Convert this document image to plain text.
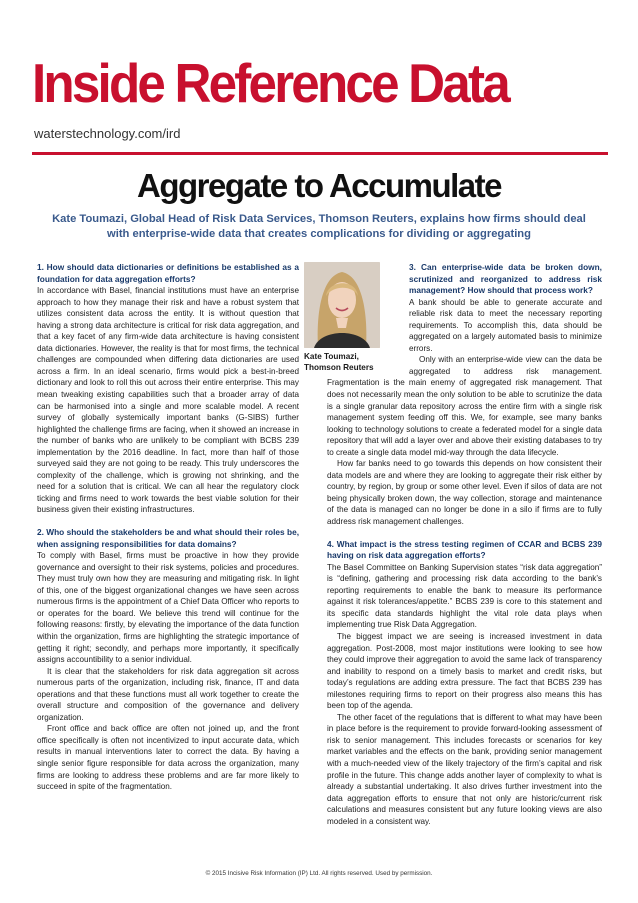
Inside Reference Data
waterstechnology.com/ird
Aggregate to Accumulate
Kate Toumazi, Global Head of Risk Data Services, Thomson Reuters, explains how firms should deal with enterprise-wide data that creates complications for dividing or aggregating
1. How should data dictionaries or definitions be established as a foundation for data aggregation efforts?

In accordance with Basel, financial institutions must have an enterprise approach to how they manage their risk and have a robust system that utilizes consistent data across the entity. It is without question that having a strong data architecture is critical for risk data aggregation, and that a key facet of any firm-wide data architecture is having consistent data dictionaries. However, the reality is that for most firms, the technical challenges are compounded when differing data dictionaries are used across a firm. In an ideal scenario, firms would pick a best-in-breed dictionary and look to roll this out across their entire enterprise. This may mean tweaking existing capabilities such that a broader array of data can be harmonised into a single and more scalable model. A recent survey of globally systemically important banks (G-SIBS) further highlighted the challenge firms are facing, when it showed an increase in the number of banks who are unlikely to be compliant with BCBS 239 implementation by the 2016 deadline. In fact, more than half of those surveyed said they are not going to be ready. This truly underscores the complexity of the challenge, which is growing not shrinking, and the need for a solution that is critical. We can all hear the regulatory clock ticking and firms need to work towards the best viable solution for their business given their existing infrastructures.

2. Who should the stakeholders be and what should their roles be, when assigning responsibilities for data domains?

To comply with Basel, firms must be proactive in how they provide governance and oversight to their risk systems, policies and procedures. They must truly own how they are measuring and mitigating risk. In light of this, one of the biggest organizational changes we have seen across numerous firms is the appointment of a Chief Data Officer who reports to or operates for the board. We believe this trend will continue for the following reasons: firstly, by elevating the importance of the data function within the organization, firms are highlighting the strategic importance of getting it right; secondly, and perhaps more importantly, it specifically assigns accountibility to a senior individual.

It is clear that the stakeholders for risk data aggregation sit across numerous parts of the organization, including risk, finance, IT and data operations and that these functions must all work together to create the overall structure and composition of the governance and delivery organization.

Front office and back office are often not joined up, and the front office specifically is often not incentivized to input accurate data, which results in manual interventions later to correct the data. By having a single senior figure responsible for data across the organization, many firms are looking to address these problems and are far more likely to succeed in spite of the fragmentation.

3. Can enterprise-wide data be broken down, scrutinized and reorganized to address risk management? How should that process work?

A bank should be able to generate accurate and reliable risk data to meet the necessary reporting requirements. To accomplish this, data should be aggregated on a largely automated basis to minimize errors.

Only with an enterprise-wide view can the data be aggregated to address risk management. Fragmentation is the main enemy of aggregated risk management. That does not necessarily mean the only solution to be able to scrutinize the data is a single granular data repository across the entire firm with a single risk management system feeding off this. We, for example, see many banks looking to technology solutions to create a federated model for a single data repository that will add a layer over and above their existing databases to try to create a single data model mid-way through the data lifecycle.

How far banks need to go towards this depends on how consistent their data models are and where they are looking to aggregate their risk either by country, by region, by group or some other level. Even if silos of data are not being physically broken down, the way collection, storage and maintenance of the data is managed can no longer be done in a silo if firms are to fully address risk management challenges.

4. What impact is the stress testing regimen of CCAR and BCBS 239 having on risk data aggregation efforts?

The Basel Committee on Banking Supervision states “risk data aggregation” is “defining, gathering and processing risk data according to the bank’s reporting requirements to enable the bank to measure its performance against it risk tolerances/appetite.” BCBS 239 is core to this statement and its specific data standards highlight the vital role data plays when implementing true Risk Data Aggregation.

The biggest impact we are seeing is increased investment in data aggregation. Post-2008, most major institutions were looking to see how they could improve their aggregation to avoid the same lack of transparency and inability to respond on a timely basis to market and credit risks, but today’s regulations are adding extra pressure. The fact that BCBS 239 has milestones requiring firms to report on their progress also means this has been top of the agenda.

The other facet of the regulations that is different to what may have been in place before is the requirement to provide forward-looking assessment of risk to senior management. This includes forecasts or scenarios for key market variables and the effects on the bank, providing senior management with a much-needed view of the likely trajectory of the firm’s capital and risk profile in the future. This change adds another layer of complexity to what is already a substantial undertaking. It also drives further investment into the data aggregation efforts to ensure that not only are historic/current risk calculations and measures consistent but any future looking views are also modeled in a consistent way.

Kate Toumazi,
Thomson Reuters
© 2015 Incisive Risk Information (IP) Ltd. All rights reserved. Used by permission.
